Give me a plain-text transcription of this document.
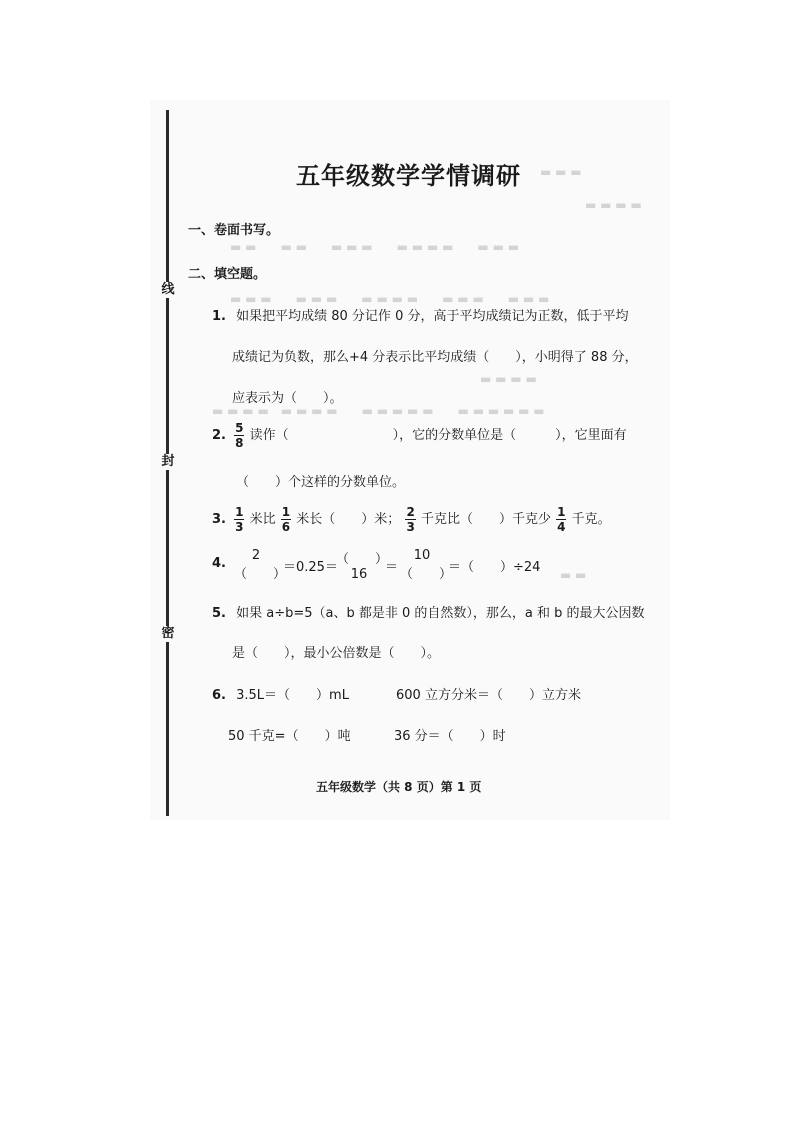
线
封
密
▬ ▬ ▬
▬ ▬ ▬ ▬
▬ ▬　　▬ ▬　　▬ ▬ ▬　　▬ ▬ ▬ ▬　　▬ ▬ ▬
▬ ▬ ▬　　▬ ▬ ▬　　▬ ▬ ▬ ▬　　▬ ▬ ▬　　▬ ▬ ▬
▬ ▬ ▬ ▬
▬ ▬ ▬ ▬　▬ ▬ ▬ ▬　　▬ ▬ ▬ ▬ ▬　　▬ ▬ ▬ ▬ ▬ ▬
▬ ▬
五年级数学学情调研
一、卷面书写。
二、填空题。
1. 如果把平均成绩 80 分记作 0 分，高于平均成绩记为正数，低于平均
成绩记为负数，那么+4 分表示比平均成绩（　　），小明得了 88 分，
应表示为（　　）。
2. $\frac{5}{8}$ 读作（　　　　　　　　），它的分数单位是（　　　），它里面有
（　　）个这样的分数单位。
3. $\frac{1}{3}$ 米比 $\frac{1}{6}$ 米长（　　）米； $\frac{2}{3}$ 千克比（　　）千克少 $\frac{1}{4}$ 千克。
4.
2
（　　）
＝0.25＝
（　　）
16	＝
10
（　　）
＝（　　）÷24
5. 如果 a÷b=5（a、b 都是非 0 的自然数），那么，a 和 b 的最大公因数
是（　　），最小公倍数是（　　）。
6. 3.5L＝（　　）mL	600 立方分米＝（　　）立方米
50 千克=（　　）吨	36 分＝（　　）时
五年级数学（共 8 页）第 1 页
